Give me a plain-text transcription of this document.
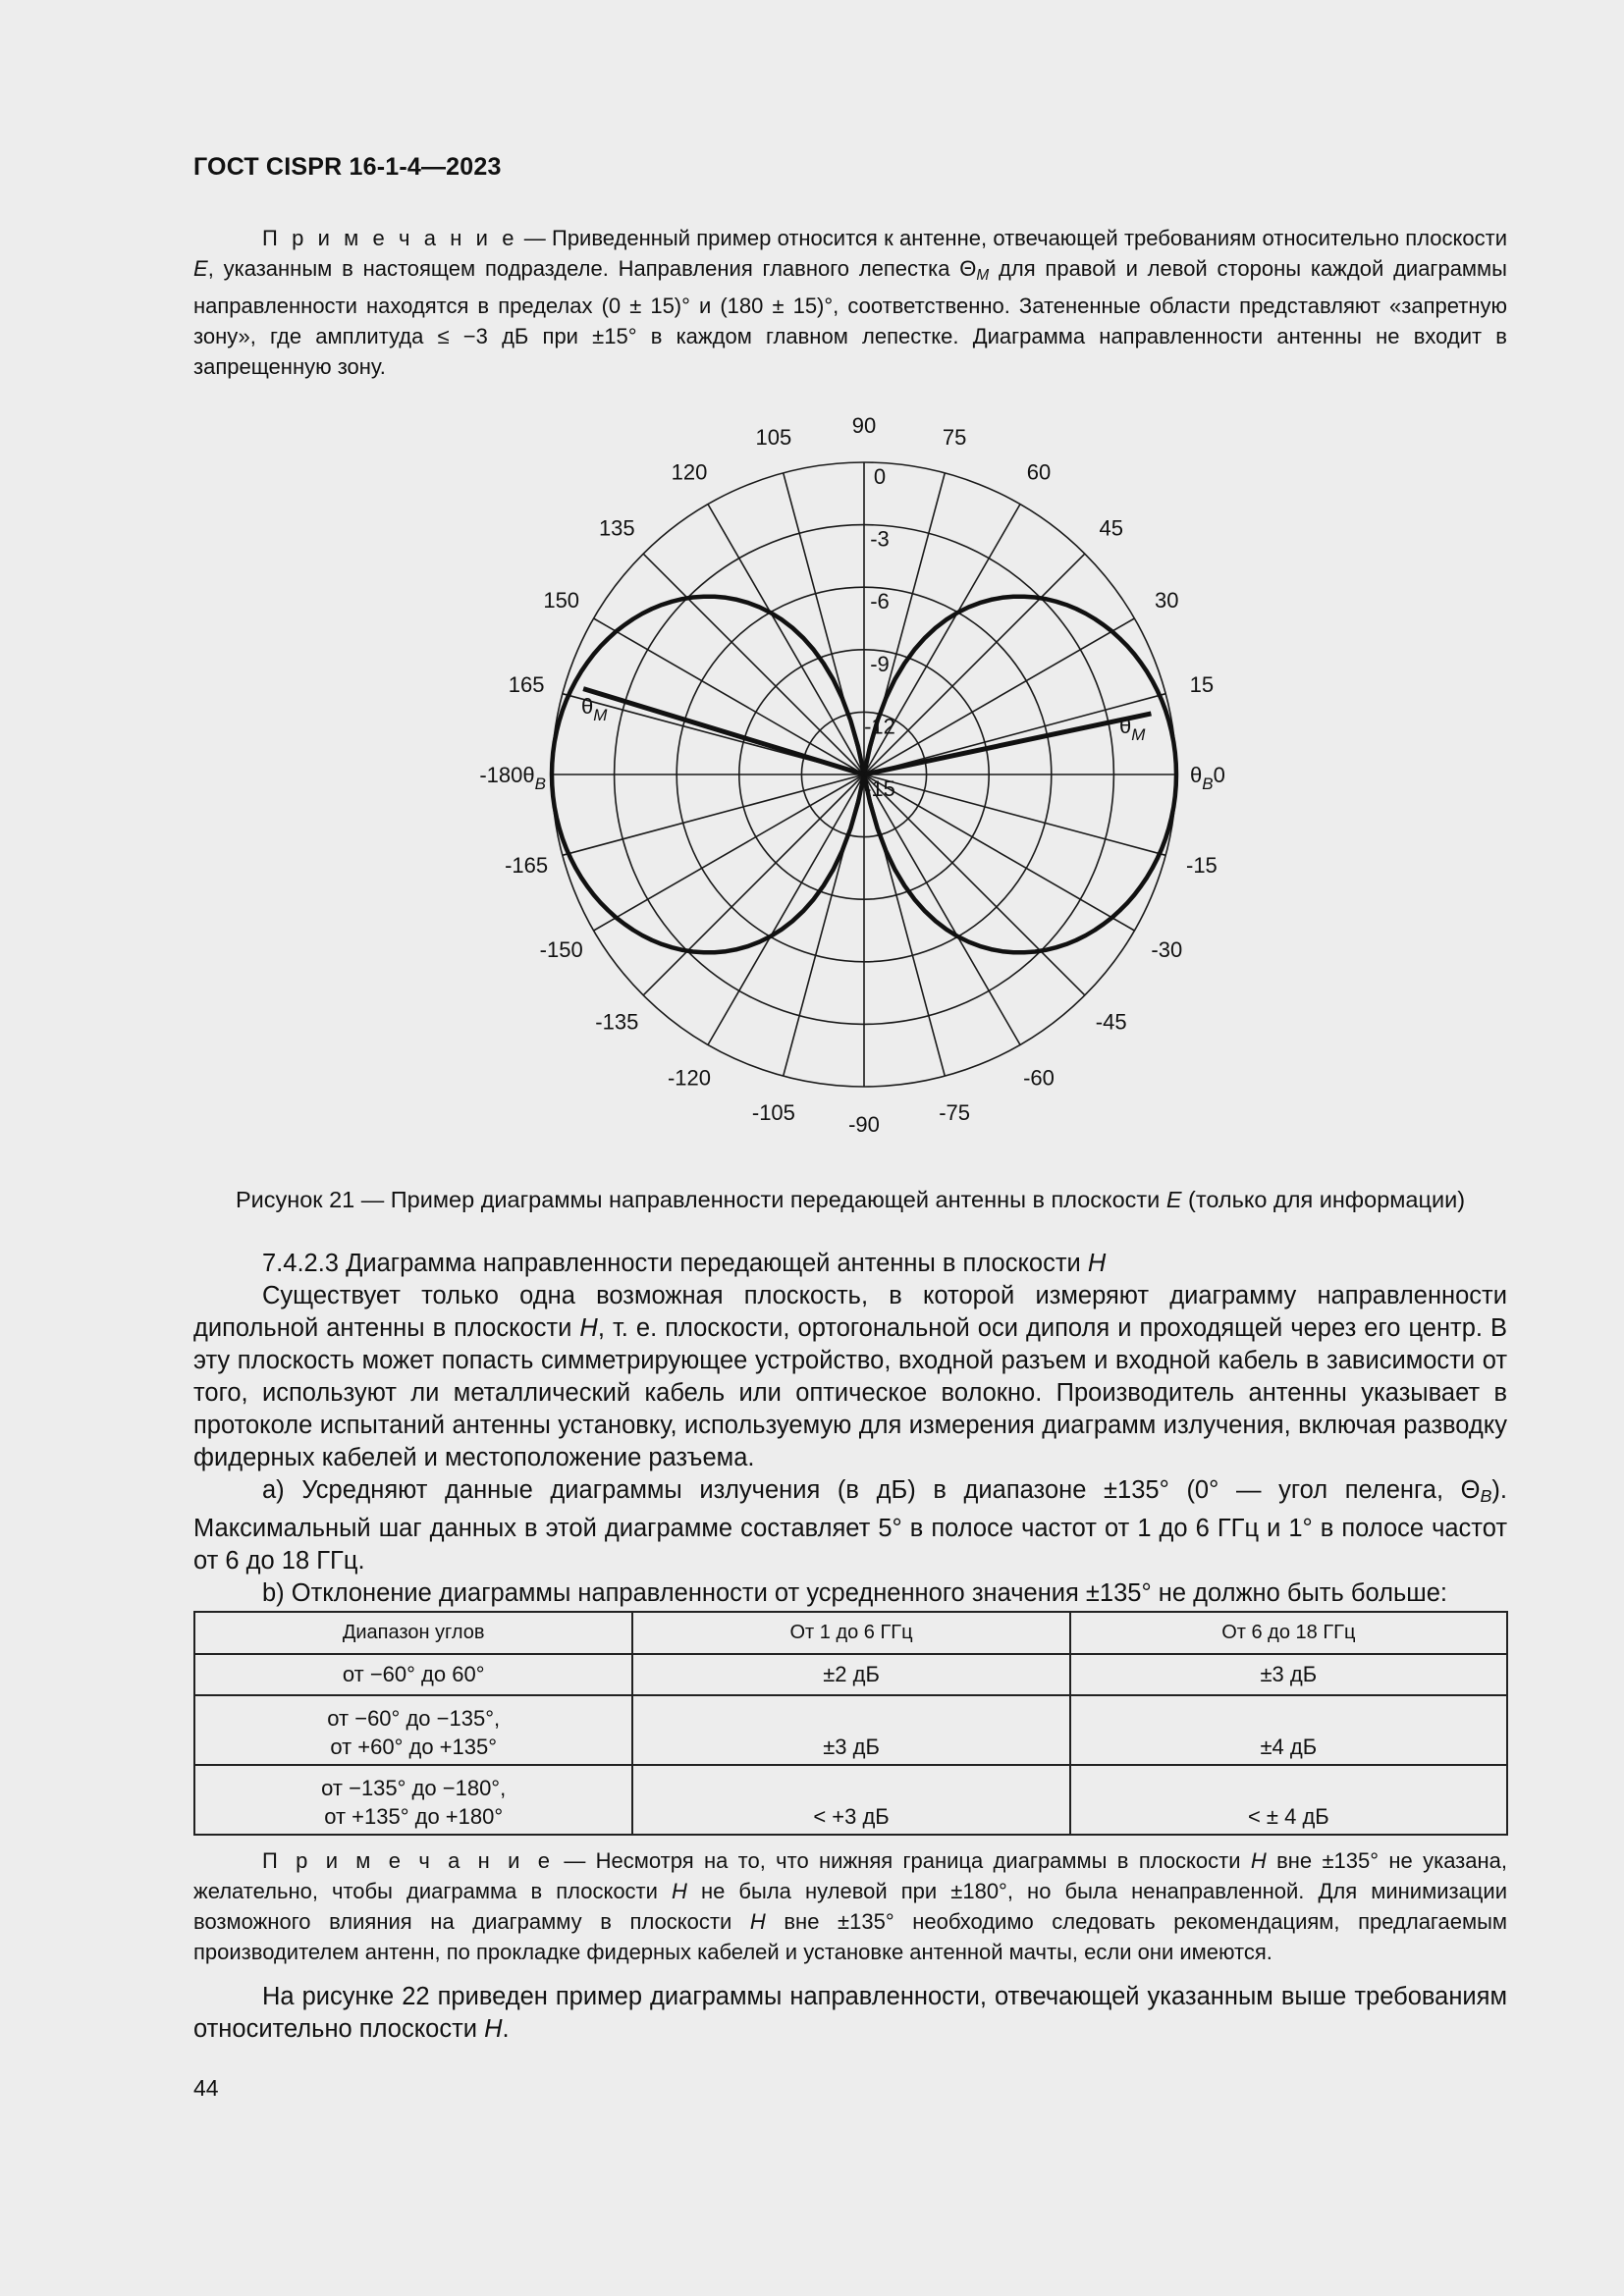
ГОСТ CISPR 16-1-4—2023
П р и м е ч а н и е — Приведенный пример относится к антенне, отвечающей требованиям относительно плоскости E, указанным в настоящем подразделе. Направления главного лепестка $\Theta_M$ для правой и левой стороны каждой диаграммы направленности находятся в пределах (0 ± 15)° и (180 ± 15)°, соответственно. Затененные области представляют «запретную зону», где амплитуда ≤ −3 дБ при ±15° в каждом главном лепестке. Диаграмма направленности антенны не входит в запрещенную зону.
90	75
60
45
30
15
-15
-30
-45
-60
-75
-90
-105
-120
-135
-150
-165
105
120
135
150
165
0
-3
-6
-9
-12
-15
$\theta_B0$
$-180\theta_B$
$\theta_M$
$\theta_M$
Рисунок 21 — Пример диаграммы направленности передающей антенны в плоскости E (только для информации)
7.4.2.3 Диаграмма направленности передающей антенны в плоскости H
Существует только одна возможная плоскость, в которой измеряют диаграмму направленности дипольной антенны в плоскости H, т. е. плоскости, ортогональной оси диполя и проходящей через его центр. В эту плоскость может попасть симметрирующее устройство, входной разъем и входной кабель в зависимости от того, используют ли металлический кабель или оптическое волокно. Производитель антенны указывает в протоколе испытаний антенны установку, используемую для измерения диаграмм излучения, включая разводку фидерных кабелей и местоположение разъема.
a) Усредняют данные диаграммы излучения (в дБ) в диапазоне ±135° (0° — угол пеленга, $\Theta_B$). Максимальный шаг данных в этой диаграмме составляет 5° в полосе частот от 1 до 6 ГГц и 1° в полосе частот от 6 до 18 ГГц.
b) Отклонение диаграммы направленности от усредненного значения ±135° не должно быть больше:
Диапазон углов	От 1 до 6 ГГц	От 6 до 18 ГГц
от −60° до 60°	±2 дБ	±3 дБ
от −60° до −135°,
от +60° до +135°	±3 дБ	±4 дБ
от −135° до −180°,
от +135° до +180°	< +3 дБ	< ± 4 дБ
П р и м е ч а н и е — Несмотря на то, что нижняя граница диаграммы в плоскости H вне ±135° не указана, желательно, чтобы диаграмма в плоскости H не была нулевой при ±180°, но была ненаправленной. Для минимизации возможного влияния на диаграмму в плоскости H вне ±135° необходимо следовать рекомендациям, предлагаемым производителем антенн, по прокладке фидерных кабелей и установке антенной мачты, если они имеются.
На рисунке 22 приведен пример диаграммы направленности, отвечающей указанным выше требованиям относительно плоскости H.
44
